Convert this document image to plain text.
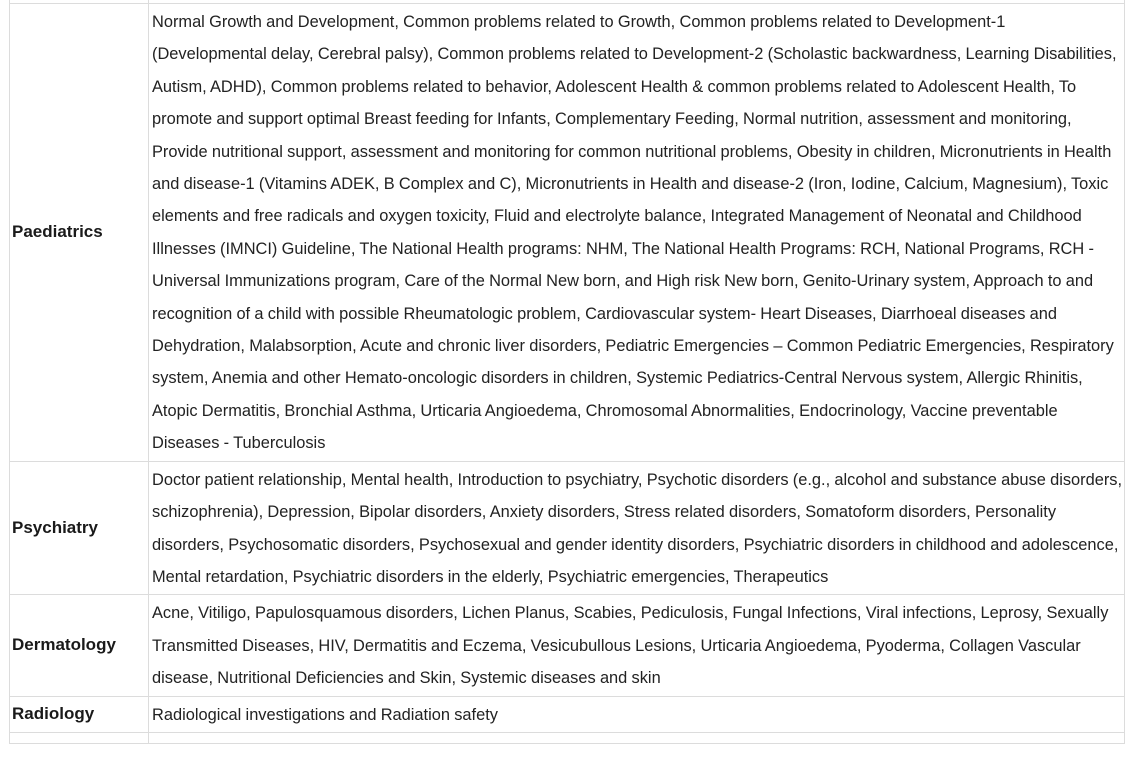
Paediatrics	Normal Growth and Development, Common problems related to Growth, Common problems related to Development-1 (Developmental delay, Cerebral palsy), Common problems related to Development-2 (Scholastic backwardness, Learning Disabilities, Autism, ADHD), Common problems related to behavior, Adolescent Health & common problems related to Adolescent Health, To promote and support optimal Breast feeding for Infants, Complementary Feeding, Normal nutrition, assessment and monitoring, Provide nutritional support, assessment and monitoring for common nutritional problems, Obesity in children, Micronutrients in Health and disease-1 (Vitamins ADEK, B Complex and C), Micronutrients in Health and disease-2 (Iron, Iodine, Calcium, Magnesium), Toxic elements and free radicals and oxygen toxicity, Fluid and electrolyte balance, Integrated Management of Neonatal and Childhood Illnesses (IMNCI) Guideline, The National Health programs: NHM, The National Health Programs: RCH, National Programs, RCH - Universal Immunizations program, Care of the Normal New born, and High risk New born, Genito-Urinary system, Approach to and recognition of a child with possible Rheumatologic problem, Cardiovascular system- Heart Diseases, Diarrhoeal diseases and Dehydration, Malabsorption, Acute and chronic liver disorders, Pediatric Emergencies – Common Pediatric Emergencies, Respiratory system, Anemia and other Hemato-oncologic disorders in children, Systemic Pediatrics-Central Nervous system, Allergic Rhinitis, Atopic Dermatitis, Bronchial Asthma, Urticaria Angioedema, Chromosomal Abnormalities, Endocrinology, Vaccine preventable Diseases - Tuberculosis
Psychiatry	Doctor patient relationship, Mental health, Introduction to psychiatry, Psychotic disorders (e.g., alcohol and substance abuse disorders, schizophrenia), Depression, Bipolar disorders, Anxiety disorders, Stress related disorders, Somatoform disorders, Personality disorders, Psychosomatic disorders, Psychosexual and gender identity disorders, Psychiatric disorders in childhood and adolescence, Mental retardation, Psychiatric disorders in the elderly, Psychiatric emergencies, Therapeutics
Dermatology	Acne, Vitiligo, Papulosquamous disorders, Lichen Planus, Scabies, Pediculosis, Fungal Infections, Viral infections, Leprosy, Sexually Transmitted Diseases, HIV, Dermatitis and Eczema, Vesicubullous Lesions, Urticaria Angioedema, Pyoderma, Collagen Vascular disease, Nutritional Deficiencies and Skin, Systemic diseases and skin
Radiology	Radiological investigations and Radiation safety
